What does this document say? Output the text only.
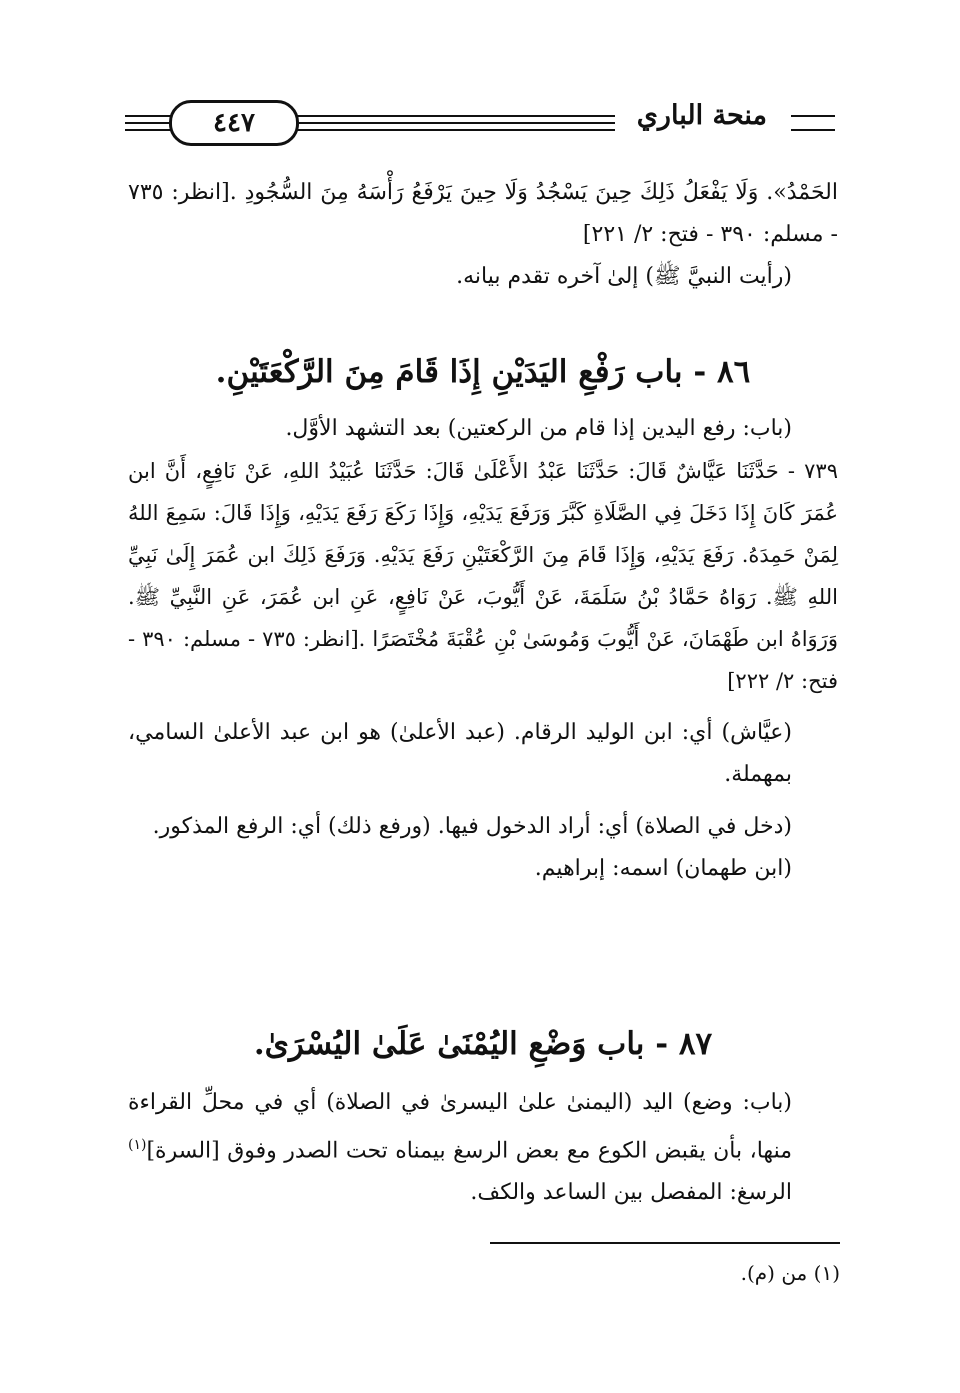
منحة الباري
٤٤٧

الحَمْدُ». وَلَا يَفْعَلُ ذَلِكَ حِينَ يَسْجُدُ وَلَا حِينَ يَرْفَعُ رَأْسَهُ مِنَ السُّجُودِ .[انظر: ٧٣٥ - مسلم: ٣٩٠ - فتح: ٢/ ٢٢١]

(رأيت النبيَّ ﷺ) إلىٰ آخره تقدم بيانه.

٨٦ - باب رَفْعِ اليَدَيْنِ إِذَا قَامَ مِنَ الرَّكْعَتَيْنِ.

(باب: رفع اليدين إذا قام من الركعتين) بعد التشهد الأوَّل.

٧٣٩ - حَدَّثَنَا عَيَّاشٌ قَالَ: حَدَّثَنَا عَبْدُ الأَعْلَىٰ قَالَ: حَدَّثَنَا عُبَيْدُ اللهِ، عَنْ نَافِعٍ، أَنَّ ابن عُمَرَ كَانَ إِذَا دَخَلَ فِي الصَّلَاةِ كَبَّرَ وَرَفَعَ يَدَيْهِ، وَإِذَا رَكَعَ رَفَعَ يَدَيْهِ، وَإِذَا قَالَ: سَمِعَ اللهُ لِمَنْ حَمِدَهُ. رَفَعَ يَدَيْهِ، وَإِذَا قَامَ مِنَ الرَّكْعَتَيْنِ رَفَعَ يَدَيْهِ. وَرَفَعَ ذَلِكَ ابن عُمَرَ إِلَىٰ نَبِيِّ اللهِ ﷺ. رَوَاهُ حَمَّادُ بْنُ سَلَمَةَ، عَنْ أَيُّوبَ، عَنْ نَافِعٍ، عَنِ ابن عُمَرَ، عَنِ النَّبِيِّ ﷺ. وَرَوَاهُ ابن طَهْمَانَ، عَنْ أَيُّوبَ وَمُوسَىٰ بْنِ عُقْبَةَ مُخْتَصَرًا .[انظر: ٧٣٥ - مسلم: ٣٩٠ - فتح: ٢/ ٢٢٢]

(عيَّاش) أي: ابن الوليد الرقام. (عبد الأعلىٰ) هو ابن عبد الأعلىٰ السامي، بمهملة.

(دخل في الصلاة) أي: أراد الدخول فيها. (ورفع ذلك) أي: الرفع المذكور.

(ابن طهمان) اسمه: إبراهيم.

٨٧ - باب وَضْعِ اليُمْنَىٰ عَلَىٰ اليُسْرَىٰ.

(باب: وضع) اليد (اليمنىٰ علىٰ اليسرىٰ في الصلاة) أي في محلِّ القراءة منها، بأن يقبض الكوع مع بعض الرسغ بيمناه تحت الصدر وفوق [السرة]$^{(١)}$ الرسغ: المفصل بين الساعد والكف.

(١) من (م).
